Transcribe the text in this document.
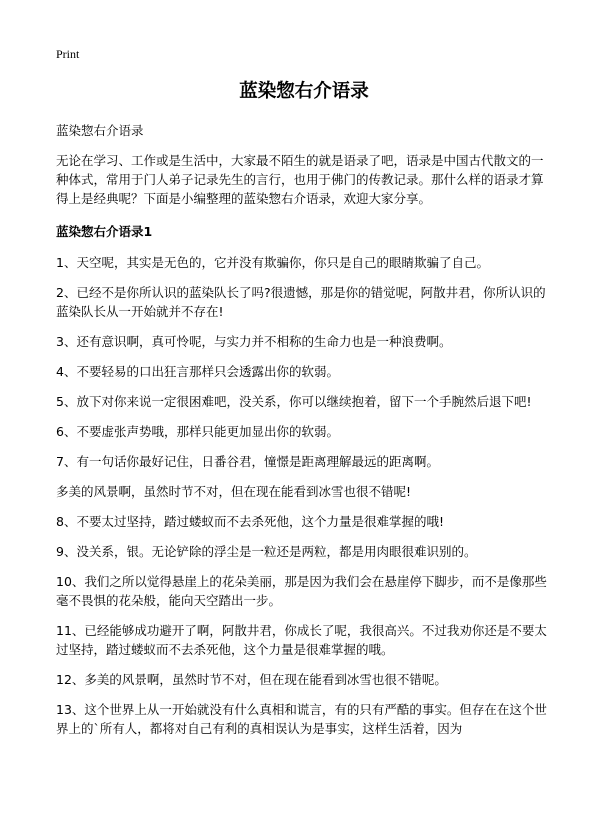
Print
蓝染惣右介语录
蓝染惣右介语录

无论在学习、工作或是生活中，大家最不陌生的就是语录了吧，语录是中国古代散文的一种体式，常用于门人弟子记录先生的言行，也用于佛门的传教记录。那什么样的语录才算得上是经典呢？下面是小编整理的蓝染惣右介语录，欢迎大家分享。

蓝染惣右介语录1

1、天空呢，其实是无色的，它并没有欺骗你，你只是自己的眼睛欺骗了自己。

2、已经不是你所认识的蓝染队长了吗?很遗憾，那是你的错觉呢，阿散井君，你所认识的蓝染队长从一开始就并不存在!

3、还有意识啊，真可怜呢，与实力并不相称的生命力也是一种浪费啊。

4、不要轻易的口出狂言那样只会透露出你的软弱。

5、放下对你来说一定很困难吧，没关系，你可以继续抱着，留下一个手腕然后退下吧!

6、不要虚张声势哦，那样只能更加显出你的软弱。

7、有一句话你最好记住，日番谷君，憧憬是距离理解最远的距离啊。

多美的风景啊，虽然时节不对，但在现在能看到冰雪也很不错呢!

8、不要太过坚持，踏过蝼蚁而不去杀死他，这个力量是很难掌握的哦!

9、没关系，银。无论铲除的浮尘是一粒还是两粒，都是用肉眼很难识别的。

10、我们之所以觉得悬崖上的花朵美丽，那是因为我们会在悬崖停下脚步，而不是像那些毫不畏惧的花朵般，能向天空踏出一步。

11、已经能够成功避开了啊，阿散井君，你成长了呢，我很高兴。不过我劝你还是不要太过坚持，踏过蝼蚁而不去杀死他，这个力量是很难掌握的哦。

12、多美的风景啊，虽然时节不对，但在现在能看到冰雪也很不错呢。

13、这个世界上从一开始就没有什么真相和谎言，有的只有严酷的事实。但存在在这个世界上的`所有人，都将对自己有利的真相误认为是事实，这样生活着，因为
